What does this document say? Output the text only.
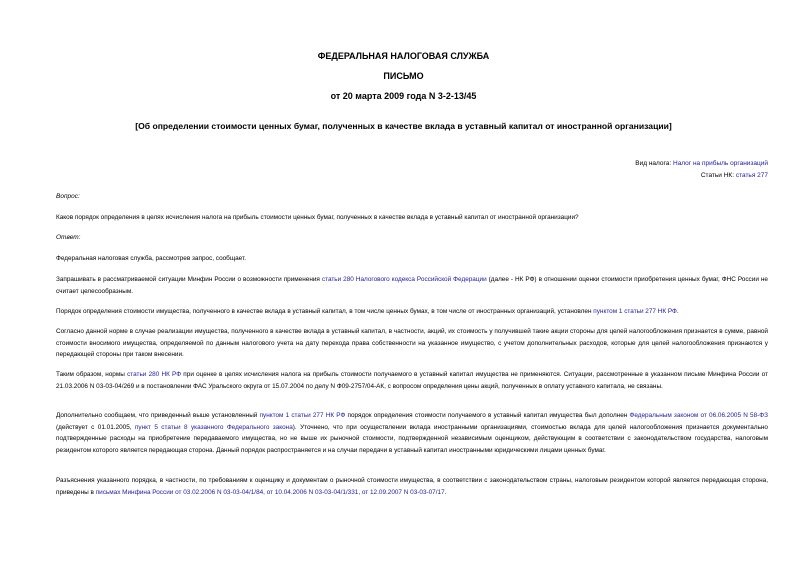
ФЕДЕРАЛЬНАЯ НАЛОГОВАЯ СЛУЖБА
ПИСЬМО
от 20 марта 2009 года N 3-2-13/45
[Об определении стоимости ценных бумаг, полученных в качестве вклада в уставный капитал от иностранной организации]
Вид налога: Налог на прибыль организаций
Статьи НК: статья 277
Вопрос:
Каков порядок определения в целях исчисления налога на прибыль стоимости ценных бумаг, полученных в качестве вклада в уставный капитал от иностранной организации?
Ответ:
Федеральная налоговая служба, рассмотрев запрос, сообщает.
Запрашивать в рассматриваемой ситуации Минфин России о возможности применения статьи 280 Налогового кодекса Российской Федерации (далее - НК РФ) в отношении оценки стоимости приобретения ценных бумаг, ФНС России не считает целесообразным.
Порядок определения стоимости имущества, полученного в качестве вклада в уставный капитал, в том числе ценных бумах, в том числе от иностранных организаций, установлен пунктом 1 статьи 277 НК РФ.
Согласно данной норме в случае реализации имущества, полученного в качестве вклада в уставный капитал, в частности, акций, их стоимость у получившей такие акции стороны для целей налогообложения признается в сумме, равной стоимости вносимого имущества, определяемой по данным налогового учета на дату перехода права собственности на указанное имущество, с учетом дополнительных расходов, которые для целей налогообложения признаются у передающей стороны при таком внесении.
Таким образом, нормы статьи 280 НК РФ при оценке в целях исчисления налога на прибыль стоимости получаемого в уставный капитал имущества не применяются. Ситуации, рассмотренные в указанном письме Минфина России от 21.03.2006 N 03-03-04/269 и в постановлении ФАС Уральского округа от 15.07.2004 по делу N Ф09-2757/04-АК, с вопросом определения цены акций, полученных в оплату уставного капитала, не связаны.
Дополнительно сообщаем, что приведенный выше установленный пунктом 1 статьи 277 НК РФ порядок определения стоимости получаемого в уставный капитал имущества был дополнен Федеральным законом от 06.06.2005 N 58-ФЗ (действует с 01.01.2005, пункт 5 статьи 8 указанного Федерального закона). Уточнено, что при осуществлении вклада иностранными организациями, стоимостью вклада для целей налогообложения признается документально подтвержденные расходы на приобретение передаваемого имущества, но не выше их рыночной стоимости, подтвержденной независимым оценщиком, действующим в соответствии с законодательством государства, налоговым резидентом которого является передающая сторона. Данный порядок распространяется и на случаи передачи в уставный капитал иностранными юридическими лицами ценных бумаг.
Разъяснения указанного порядка, в частности, по требованиям к оценщику и документам о рыночной стоимости имущества, в соответствии с законодательством страны, налоговым резидентом которой является передающая сторона, приведены в письмах Минфина России от 03.02.2006 N 03-03-04/1/84, от 10.04.2006 N 03-03-04/1/331, от 12.09.2007 N 03-03-07/17.
